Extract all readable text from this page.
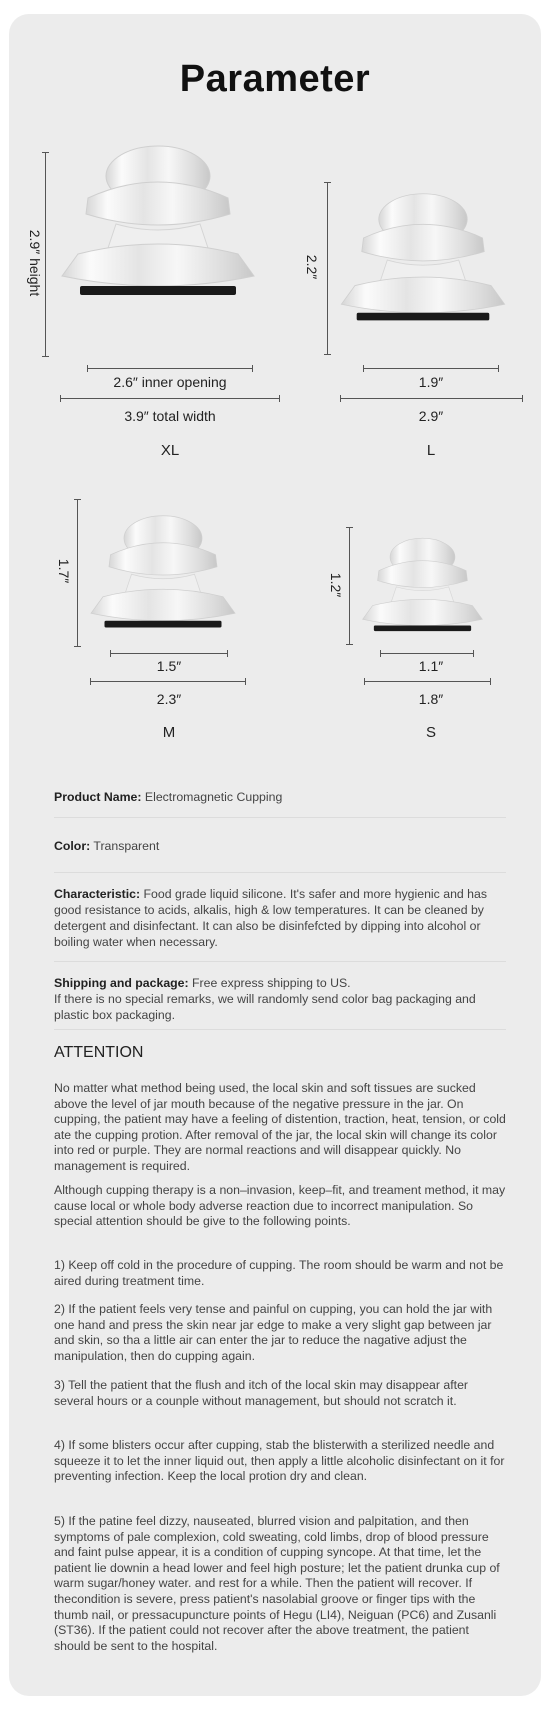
Parameter
2.9″ height
2.6″ inner opening
3.9″ total width
XL
2.2″
1.9″
2.9″
L
1.7″
1.5″
2.3″
M
1.2″
1.1″
1.8″
S
Product Name: Electromagnetic Cupping
Color: Transparent
Characteristic: Food grade liquid silicone. It's safer and more hygienic and has good resistance to acids, alkalis, high & low temperatures. It can be cleaned by detergent and disinfectant. It can also be disinfefcted by dipping into alcohol or boiling water when necessary.
Shipping and package: Free express shipping to US.
If there is no special remarks, we will randomly send color bag packaging and plastic box packaging.
ATTENTION
No matter what method being used, the local skin and soft tissues are sucked above the level of jar mouth because of the negative pressure in the jar. On cupping, the patient may have a feeling of distention, traction, heat, tension, or cold ate the cupping protion. After removal of the jar, the local skin will change its color into red or purple. They are normal reactions and will disappear quickly. No management is required.
Although cupping therapy is a non–invasion, keep–fit, and treament method, it may cause local or whole body adverse reaction due to incorrect manipulation. So special attention should be give to the following points.
1) Keep off cold in the procedure of cupping. The room should be warm and not be aired during treatment time.
2) If the patient feels very tense and painful on cupping, you can hold the jar with one hand and press the skin near jar edge to make a very slight gap between jar and skin, so tha a little air can enter the jar to reduce the nagative adjust the manipulation, then do cupping again.
3) Tell the patient that the flush and itch of the local skin may disappear after several hours or a counple without management, but should not scratch it.
4) If some blisters occur after cupping, stab the blisterwith a sterilized needle and squeeze it to let the inner liquid out, then apply a little alcoholic disinfectant on it for preventing infection. Keep the local protion dry and clean.
5) If the patine feel dizzy, nauseated, blurred vision and palpitation, and then symptoms of pale complexion, cold sweating, cold limbs, drop of blood pressure and faint pulse appear, it is a condition of cupping syncope. At that time, let the patient lie downin a head lower and feel high posture; let the patient drunka cup of warm sugar/honey water. and rest for a while. Then the patient will recover. If thecondition is severe, press patient's nasolabial groove or finger tips with the thumb nail, or pressacupuncture points of Hegu (LI4), Neiguan (PC6) and Zusanli (ST36). If the patient could not recover after the above treatment, the patient should be sent to the hospital.
